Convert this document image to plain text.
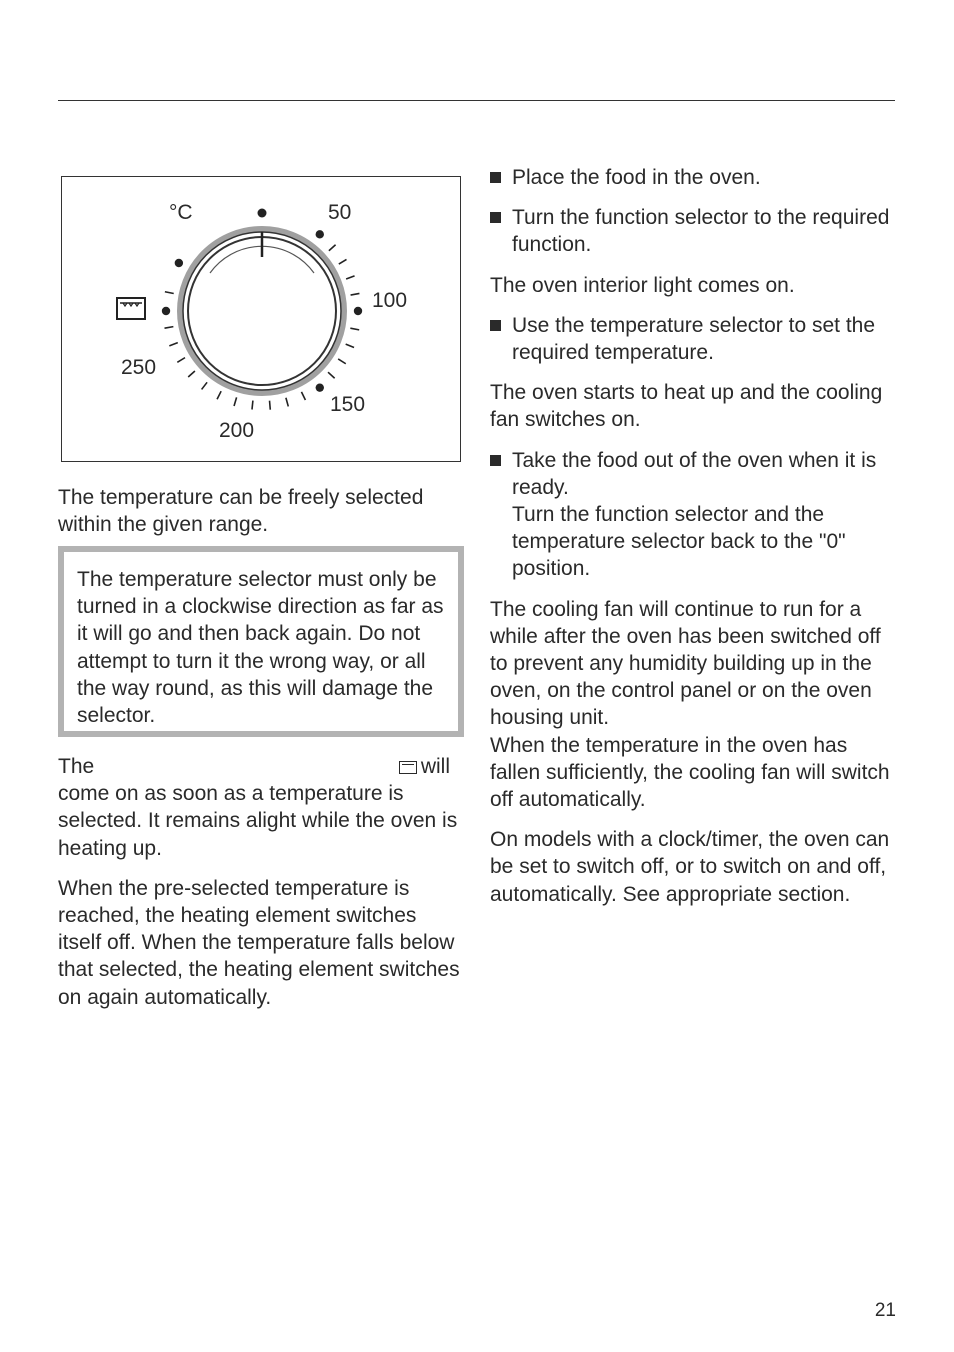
°C	50
100
150
200
250

The temperature can be freely selected within the given range.

The temperature selector must only be turned in a clockwise direction as far as it will go and then back again. Do not attempt to turn it the wrong way, or all the way round, as this will damage the selector.

The	will
come on as soon as a temperature is selected. It remains alight while the oven is heating up.

When the pre-selected temperature is reached, the heating element switches itself off. When the temperature falls below that selected, the heating element switches on again automatically.

Place the food in the oven.
Turn the function selector to the required function.

The oven interior light comes on.

Use the temperature selector to set the required temperature.

The oven starts to heat up and the cooling fan switches on.

Take the food out of the oven when it is ready.
Turn the function selector and the temperature selector back to the "0" position.

The cooling fan will continue to run for a while after the oven has been switched off to prevent any humidity building up in the oven, on the control panel or on the oven housing unit.
When the temperature in the oven has fallen sufficiently, the cooling fan will switch off automatically.

On models with a clock/timer, the oven can be set to switch off, or to switch on and off, automatically. See appropriate section.

21
